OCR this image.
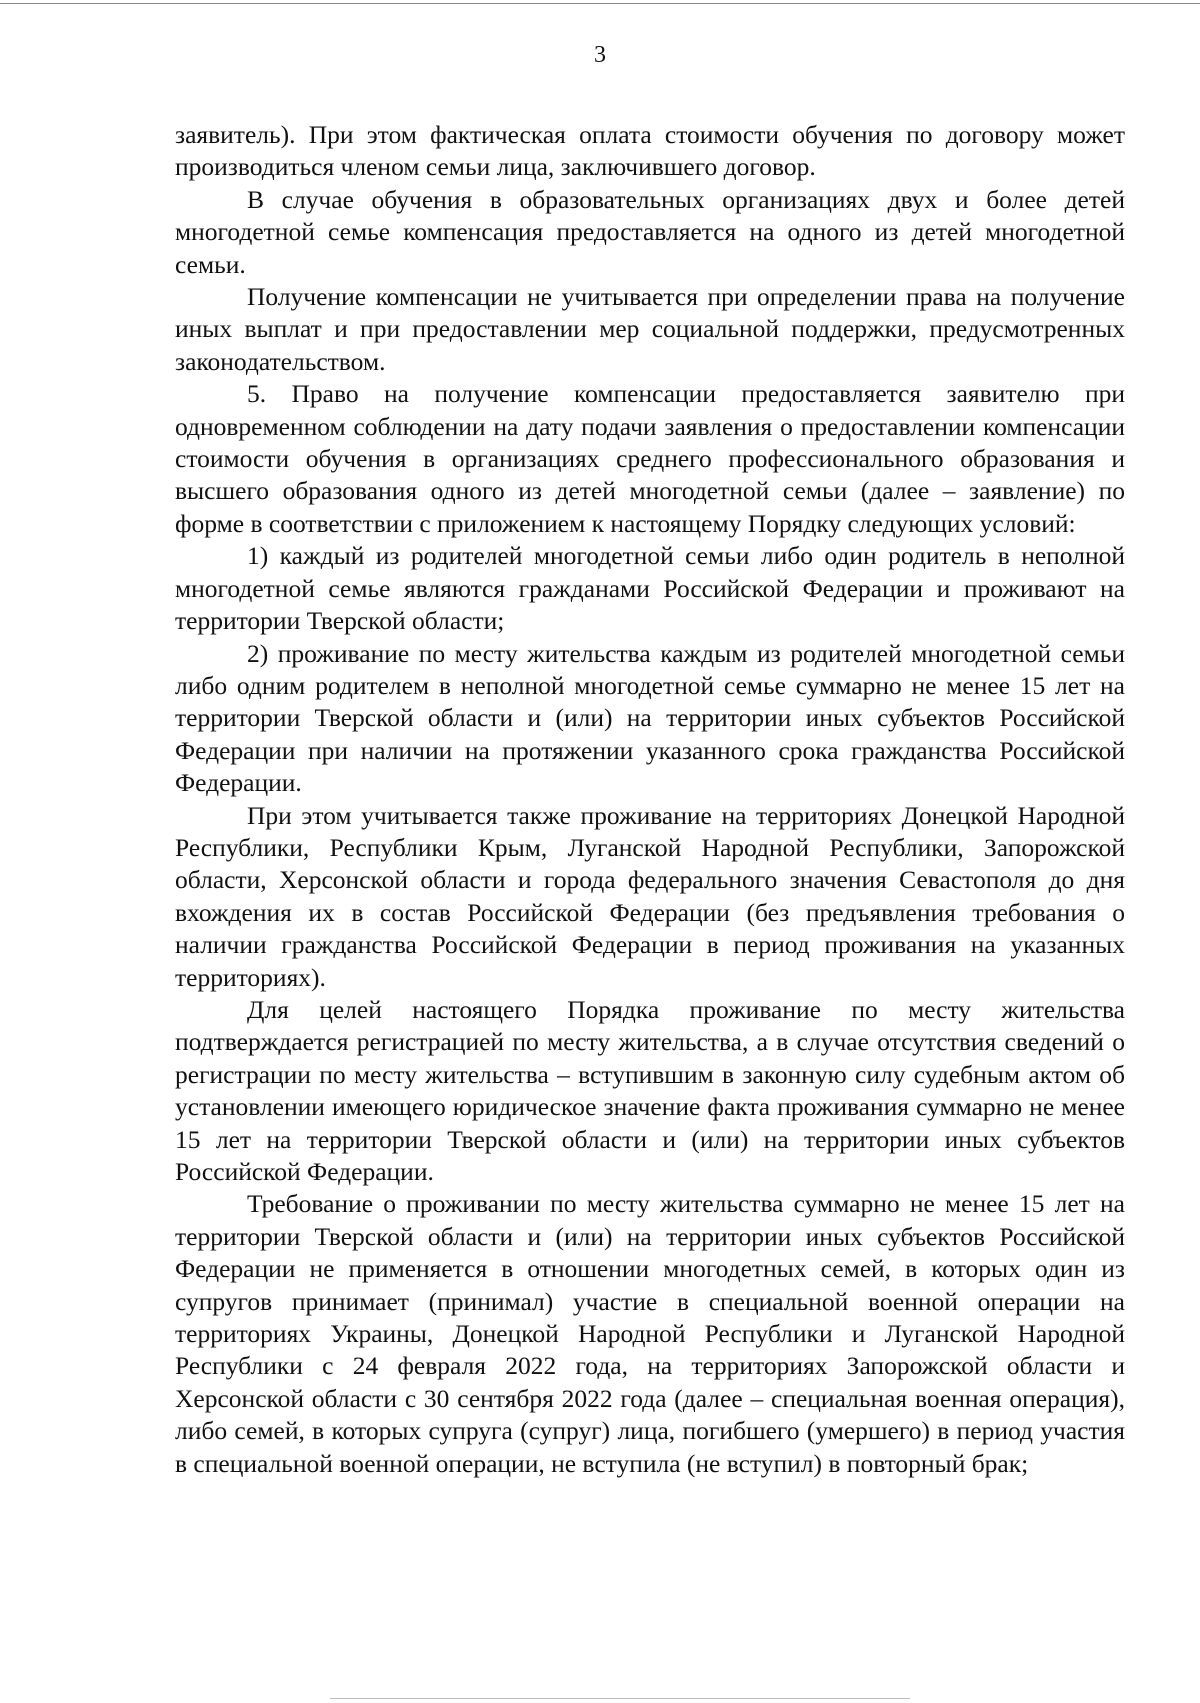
3

заявитель). При этом фактическая оплата стоимости обучения по договору может производиться членом семьи лица, заключившего договор.

В случае обучения в образовательных организациях двух и более детей многодетной семье компенсация предоставляется на одного из детей многодетной семьи.

Получение компенсации не учитывается при определении права на получение иных выплат и при предоставлении мер социальной поддержки, предусмотренных законодательством.

5. Право на получение компенсации предоставляется заявителю при одновременном соблюдении на дату подачи заявления о предоставлении компенсации стоимости обучения в организациях среднего профессионального образования и высшего образования одного из детей многодетной семьи (далее – заявление) по форме в соответствии с приложением к настоящему Порядку следующих условий:

1) каждый из родителей многодетной семьи либо один родитель в неполной многодетной семье являются гражданами Российской Федерации и проживают на территории Тверской области;

2) проживание по месту жительства каждым из родителей многодетной семьи либо одним родителем в неполной многодетной семье суммарно не менее 15 лет на территории Тверской области и (или) на территории иных субъектов Российской Федерации при наличии на протяжении указанного срока гражданства Российской Федерации.

При этом учитывается также проживание на территориях Донецкой Народной Республики, Республики Крым, Луганской Народной Республики, Запорожской области, Херсонской области и города федерального значения Севастополя до дня вхождения их в состав Российской Федерации (без предъявления требования о наличии гражданства Российской Федерации в период проживания на указанных территориях).

Для целей настоящего Порядка проживание по месту жительства подтверждается регистрацией по месту жительства, а в случае отсутствия сведений о регистрации по месту жительства – вступившим в законную силу судебным актом об установлении имеющего юридическое значение факта проживания суммарно не менее 15 лет на территории Тверской области и (или) на территории иных субъектов Российской Федерации.

Требование о проживании по месту жительства суммарно не менее 15 лет на территории Тверской области и (или) на территории иных субъектов Российской Федерации не применяется в отношении многодетных семей, в которых один из супругов принимает (принимал) участие в специальной военной операции на территориях Украины, Донецкой Народной Республики и Луганской Народной Республики с 24 февраля 2022 года, на территориях Запорожской области и Херсонской области с 30 сентября 2022 года (далее – специальная военная операция), либо семей, в которых супруга (супруг) лица, погибшего (умершего) в период участия в специальной военной операции, не вступила (не вступил) в повторный брак;
